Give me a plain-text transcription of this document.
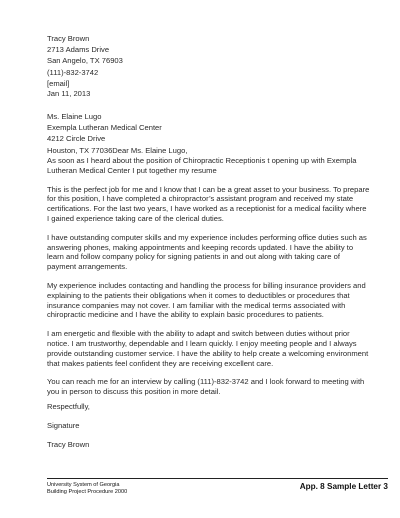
Tracy Brown
2713 Adams Drive
San Angelo, TX 76903
(111)-832-3742
[email]
Jan 11, 2013
Ms. Elaine Lugo
Exempla Lutheran Medical Center
4212 Circle Drive
Houston, TX 77036Dear Ms. Elaine Lugo,

As soon as I heard about the position of Chiropractic Receptionis t opening up with Exempla
Lutheran Medical Center I put together my resume

This is the perfect job for me and I know that I can be a great asset to your business. To prepare
for this position, I have completed a chiropractor’s assistant program and received my state
certifications. For the last two years, I have worked as a receptionist for a medical facility where
I gained experience taking care of the clerical duties.

I have outstanding computer skills and my experience includes performing office duties such as
answering phones, making appointments and keeping records updated. I have the ability to
learn and follow company policy for signing patients in and out along with taking care of
payment arrangements.

My experience includes contacting and handling the process for billing insurance providers and
explaining to the patients their obligations when it comes to deductibles or procedures that
insurance companies may not cover. I am familiar with the medical terms associated with
chiropractic medicine and I have the ability to explain basic procedures to patients.

I am energetic and flexible with the ability to adapt and switch between duties without prior
notice. I am trustworthy, dependable and I learn quickly. I enjoy meeting people and I always
provide outstanding customer service. I have the ability to help create a welcoming environment
that makes patients feel confident they are receiving excellent care.

You can reach me for an interview by calling (111)-832-3742 and I look forward to meeting with
you in person to discuss this position in more detail.

Respectfully,
Signature
Tracy Brown
University System of Georgia
Building Project Procedure 2000
App. 8 Sample Letter 3
